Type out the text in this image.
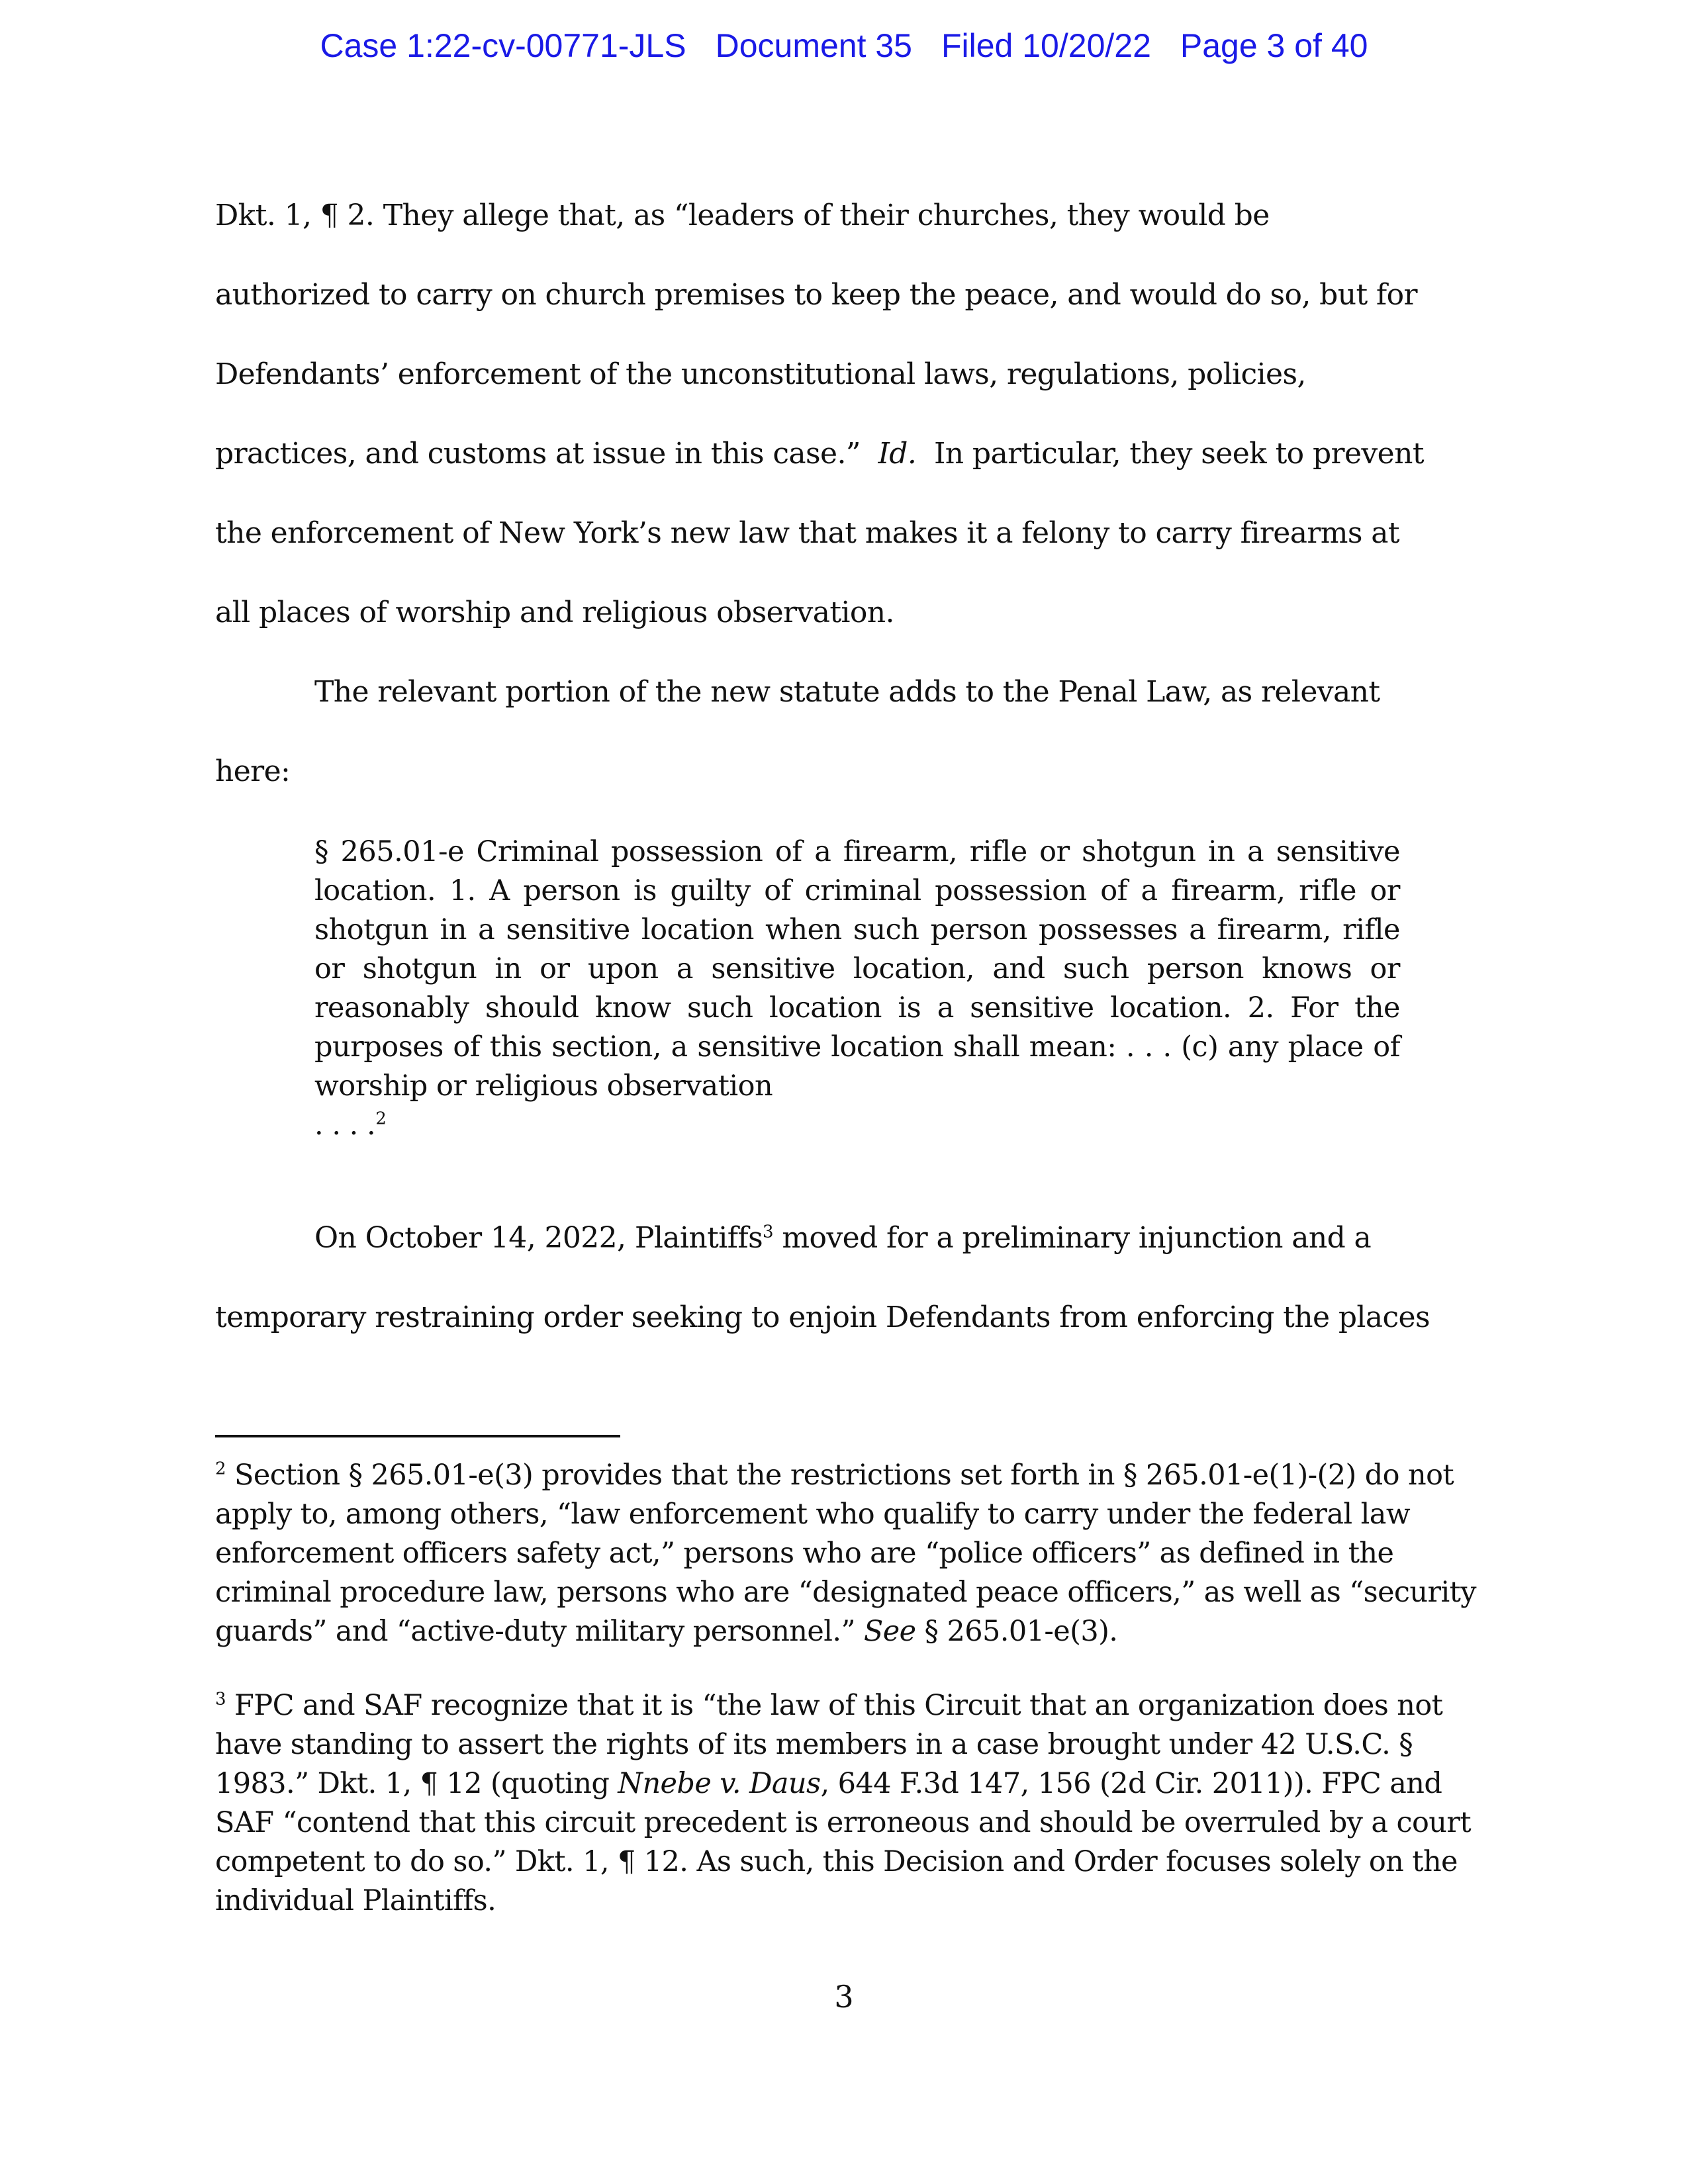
Case 1:22-cv-00771-JLS Document 35 Filed 10/20/22 Page 3 of 40
Dkt. 1, ¶ 2. They allege that, as “leaders of their churches, they would be
authorized to carry on church premises to keep the peace, and would do so, but for
Defendants’ enforcement of the unconstitutional laws, regulations, policies,
practices, and customs at issue in this case.” Id. In particular, they seek to prevent
the enforcement of New York’s new law that makes it a felony to carry firearms at
all places of worship and religious observation.
The relevant portion of the new statute adds to the Penal Law, as relevant
here:

§ 265.01-e Criminal possession of a firearm, rifle or shotgun in a sensitive location. 1. A person is guilty of criminal possession of a firearm, rifle or shotgun in a sensitive location when such person possesses a firearm, rifle or shotgun in or upon a sensitive location, and such person knows or reasonably should know such location is a sensitive location. 2. For the purposes of this section, a sensitive location shall mean: . . . (c) any place of worship or religious observation

. . . .$^2$

On October 14, 2022, Plaintiffs$^3$ moved for a preliminary injunction and a
temporary restraining order seeking to enjoin Defendants from enforcing the places

$^2$ Section § 265.01-e(3) provides that the restrictions set forth in § 265.01-e(1)-(2) do not apply to, among others, “law enforcement who qualify to carry under the federal law enforcement officers safety act,” persons who are “police officers” as defined in the criminal procedure law, persons who are “designated peace officers,” as well as “security guards” and “active-duty military personnel.” See § 265.01-e(3).

$^3$ FPC and SAF recognize that it is “the law of this Circuit that an organization does not have standing to assert the rights of its members in a case brought under 42 U.S.C. § 1983.” Dkt. 1, ¶ 12 (quoting Nnebe v. Daus, 644 F.3d 147, 156 (2d Cir. 2011)). FPC and SAF “contend that this circuit precedent is erroneous and should be overruled by a court competent to do so.” Dkt. 1, ¶ 12. As such, this Decision and Order focuses solely on the individual Plaintiffs.

3
